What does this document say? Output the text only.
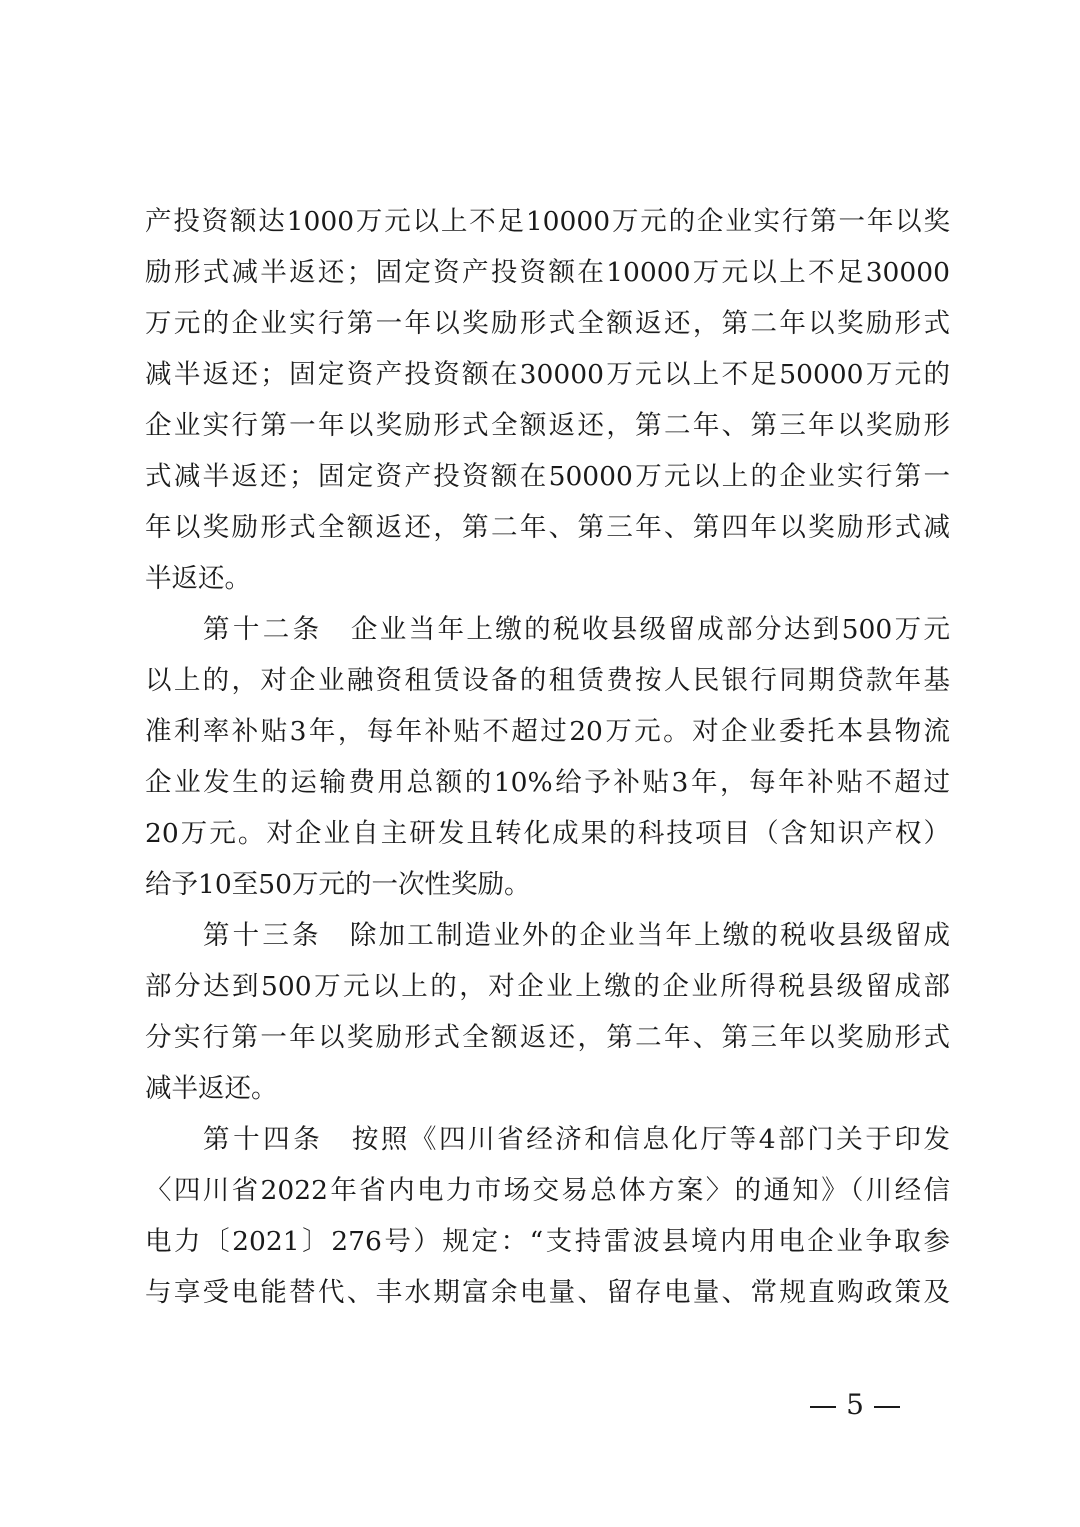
产投资额达1000万元以上不足10000万元的企业实行第一年以奖
励形式减半返还；固定资产投资额在10000万元以上不足30000
万元的企业实行第一年以奖励形式全额返还，第二年以奖励形式
减半返还；固定资产投资额在30000万元以上不足50000万元的
企业实行第一年以奖励形式全额返还，第二年、第三年以奖励形
式减半返还；固定资产投资额在50000万元以上的企业实行第一
年以奖励形式全额返还，第二年、第三年、第四年以奖励形式减
半返还。
第十二条 企业当年上缴的税收县级留成部分达到500万元
以上的，对企业融资租赁设备的租赁费按人民银行同期贷款年基
准利率补贴3年，每年补贴不超过20万元。对企业委托本县物流
企业发生的运输费用总额的10%给予补贴3年，每年补贴不超过
20万元。对企业自主研发且转化成果的科技项目（含知识产权）
给予10至50万元的一次性奖励。
第十三条 除加工制造业外的企业当年上缴的税收县级留成
部分达到500万元以上的，对企业上缴的企业所得税县级留成部
分实行第一年以奖励形式全额返还，第二年、第三年以奖励形式
减半返还。
第十四条 按照《四川省经济和信息化厅等4部门关于印发
〈四川省2022年省内电力市场交易总体方案〉的通知》（川经信
电力〔2021〕276号）规定：“支持雷波县境内用电企业争取参
与享受电能替代、丰水期富余电量、留存电量、常规直购政策及
5
